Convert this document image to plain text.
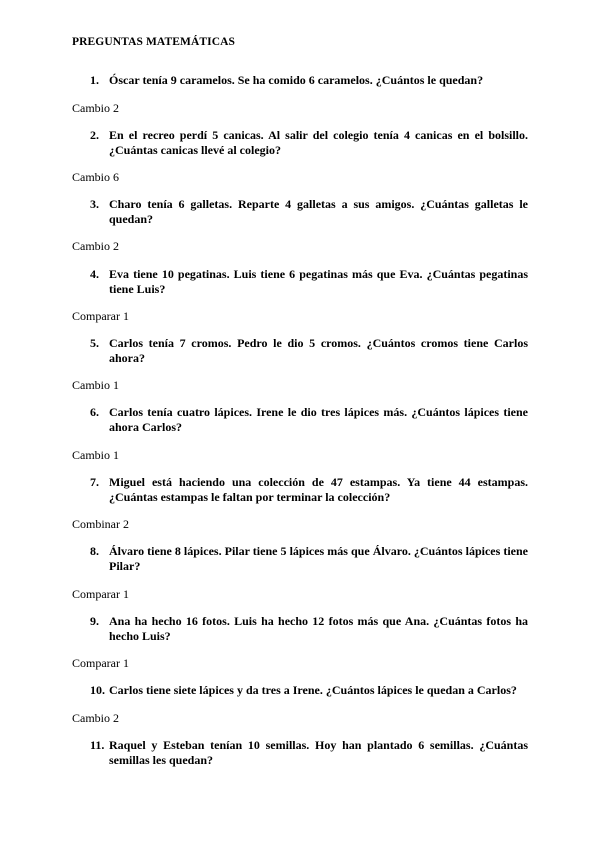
PREGUNTAS MATEMÁTICAS
1. Óscar tenía 9 caramelos. Se ha comido 6 caramelos. ¿Cuántos le quedan?
Cambio 2
2. En el recreo perdí 5 canicas. Al salir del colegio tenía 4 canicas en el bolsillo. ¿Cuántas canicas llevé al colegio?
Cambio 6
3. Charo tenía 6 galletas. Reparte 4 galletas a sus amigos. ¿Cuántas galletas le quedan?
Cambio 2
4. Eva tiene 10 pegatinas. Luis tiene 6 pegatinas más que Eva. ¿Cuántas pegatinas tiene Luis?
Comparar 1
5. Carlos tenía 7 cromos. Pedro le dio 5 cromos. ¿Cuántos cromos tiene Carlos ahora?
Cambio 1
6. Carlos tenía cuatro lápices. Irene le dio tres lápices más. ¿Cuántos lápices tiene ahora Carlos?
Cambio 1
7. Miguel está haciendo una colección de 47 estampas. Ya tiene 44 estampas. ¿Cuántas estampas le faltan por terminar la colección?
Combinar 2
8. Álvaro tiene 8 lápices. Pilar tiene 5 lápices más que Álvaro. ¿Cuántos lápices tiene Pilar?
Comparar 1
9. Ana ha hecho 16 fotos. Luis ha hecho 12 fotos más que Ana. ¿Cuántas fotos ha hecho Luis?
Comparar 1
10. Carlos tiene siete lápices y da tres a Irene. ¿Cuántos lápices le quedan a Carlos?
Cambio 2
11. Raquel y Esteban tenían 10 semillas. Hoy han plantado 6 semillas. ¿Cuántas semillas les quedan?
